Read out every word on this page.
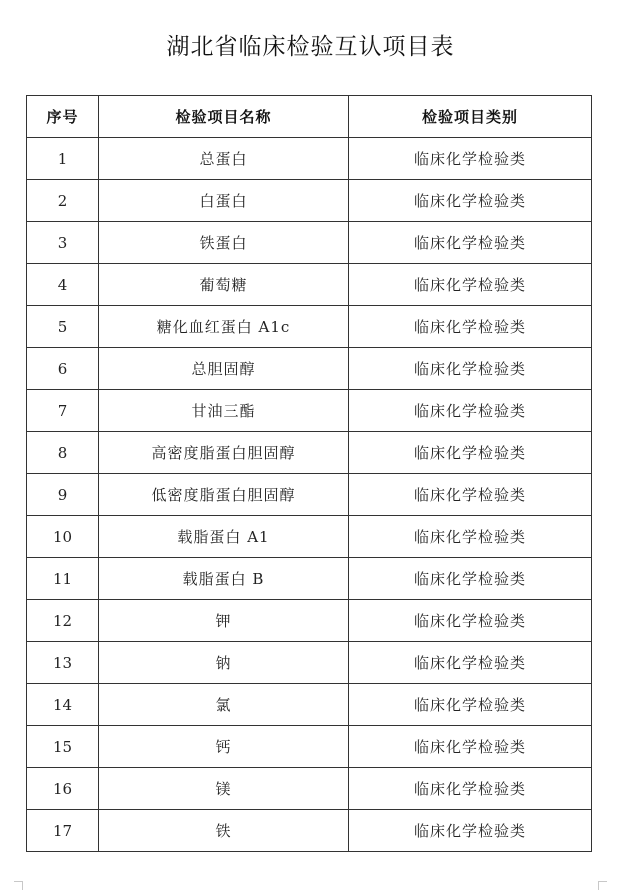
湖北省临床检验互认项目表
序号	检验项目名称	检验项目类别
1	总蛋白	临床化学检验类
2	白蛋白	临床化学检验类
3	铁蛋白	临床化学检验类
4	葡萄糖	临床化学检验类
5	糖化血红蛋白 A1c	临床化学检验类
6	总胆固醇	临床化学检验类
7	甘油三酯	临床化学检验类
8	高密度脂蛋白胆固醇	临床化学检验类
9	低密度脂蛋白胆固醇	临床化学检验类
10	载脂蛋白 A1	临床化学检验类
11	载脂蛋白 B	临床化学检验类
12	钾	临床化学检验类
13	钠	临床化学检验类
14	氯	临床化学检验类
15	钙	临床化学检验类
16	镁	临床化学检验类
17	铁	临床化学检验类
